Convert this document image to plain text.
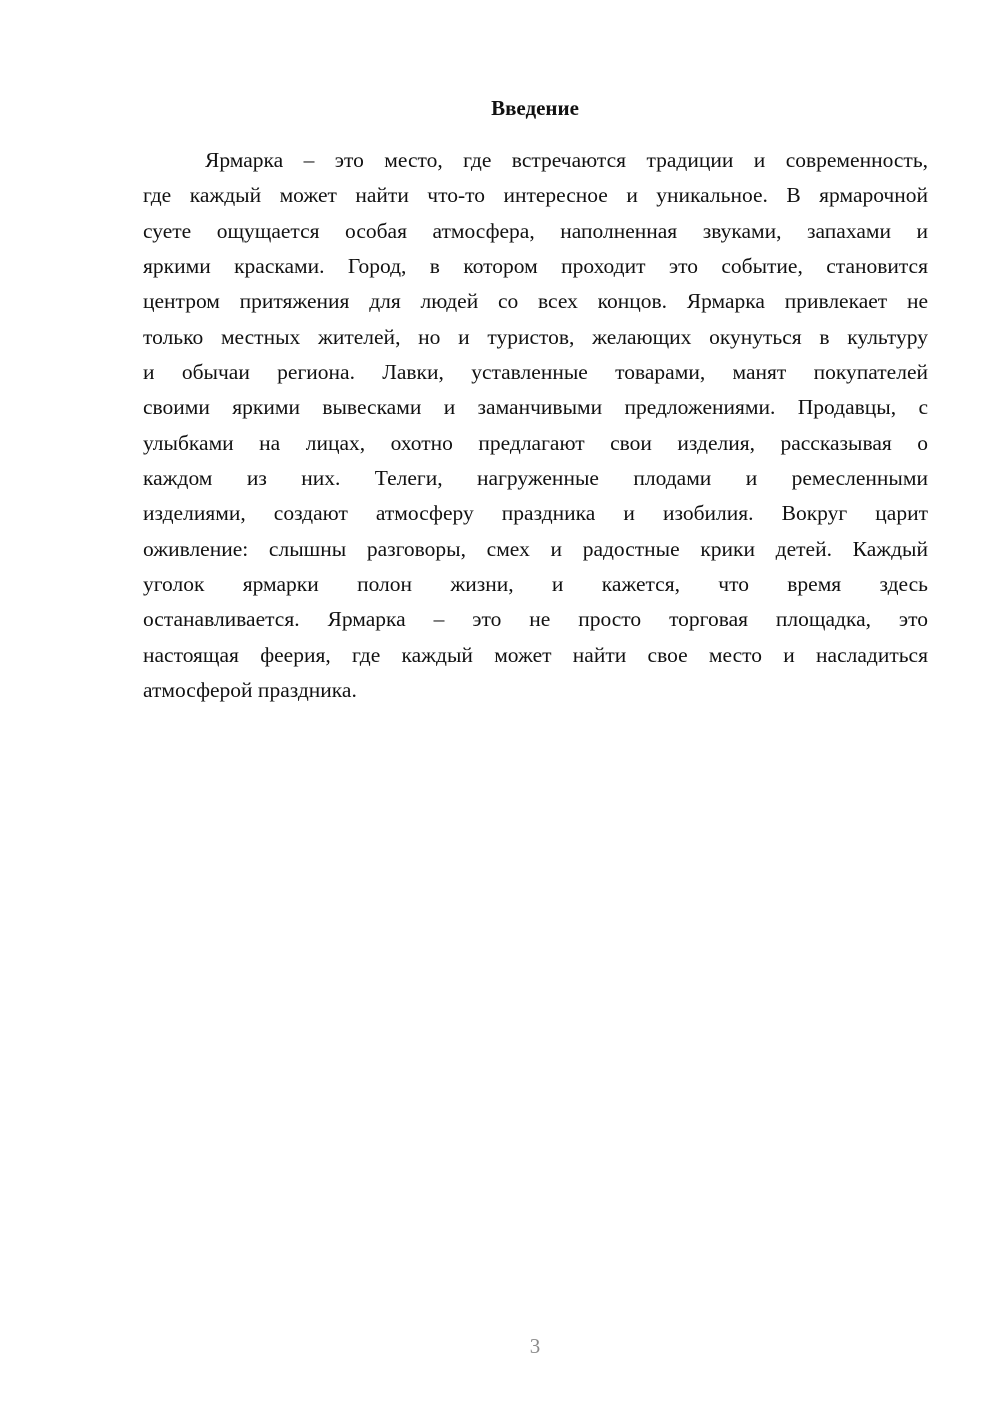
Введение
Ярмарка – это место, где встречаются традиции и современность,
где каждый может найти что-то интересное и уникальное. В ярмарочной
суете ощущается особая атмосфера, наполненная звуками, запахами и
яркими красками. Город, в котором проходит это событие, становится
центром притяжения для людей со всех концов. Ярмарка привлекает не
только местных жителей, но и туристов, желающих окунуться в культуру
и обычаи региона. Лавки, уставленные товарами, манят покупателей
своими яркими вывесками и заманчивыми предложениями. Продавцы, с
улыбками на лицах, охотно предлагают свои изделия, рассказывая о
каждом из них. Телеги, нагруженные плодами и ремесленными
изделиями, создают атмосферу праздника и изобилия. Вокруг царит
оживление: слышны разговоры, смех и радостные крики детей. Каждый
уголок ярмарки полон жизни, и кажется, что время здесь
останавливается. Ярмарка – это не просто торговая площадка, это
настоящая феерия, где каждый может найти свое место и насладиться
атмосферой праздника.
3
